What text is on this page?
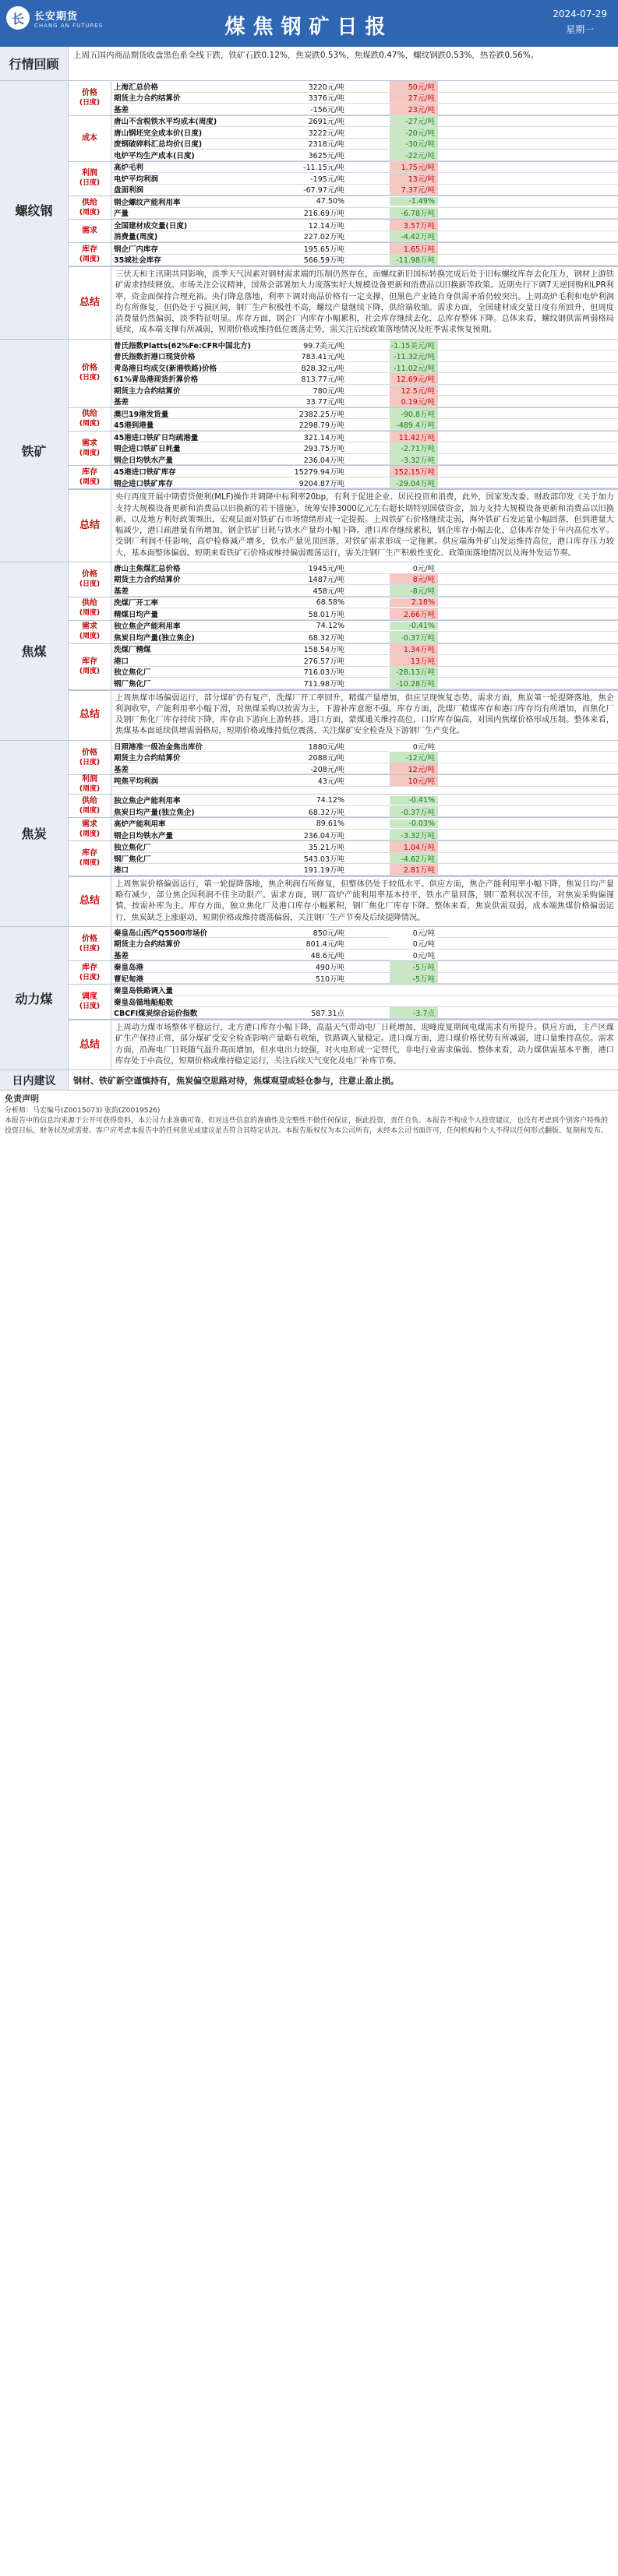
长	长安期货
CHANG AN FUTURES	煤焦钢矿日报
2024-07-29
星期一
行情回顾
上周五国内商品期货收盘黑色系全线下跌，铁矿石跌0.12%，焦炭跌0.53%，焦煤跌0.47%，螺纹钢跌0.53%，热卷跌0.56%。
螺纹钢
价格
(日度)
上海汇总价格	3220元/吨	50元/吨
期货主力合约结算价	3376元/吨	27元/吨
基差	-156元/吨	23元/吨
成本
唐山不含税铁水平均成本(周度)	2691元/吨	-27元/吨
唐山钢坯完全成本价(日度)	3222元/吨	-20元/吨
废钢破碎料汇总均价(日度)	2318元/吨	-30元/吨
电炉平均生产成本(日度)	3625元/吨	-22元/吨
利润
(日度)
高炉毛利	-11.15元/吨	1.75元/吨
电炉平均利润	-195元/吨	13元/吨
盘面利润	-67.97元/吨	7.37元/吨
供给
(周度)
钢企螺纹产能利用率	47.50%	-1.49%
产量	216.69万吨	-6.78万吨
需求
全国建材成交量(日度)	12.14万吨	3.57万吨
消费量(周度)	227.02万吨	-4.42万吨
库存
(周度)
钢企厂内库存	195.65万吨	1.65万吨
35城社会库存	566.59万吨	-11.98万吨
总结
三伏天和主汛期共同影响，淡季天气因素对钢材需求端的压制仍然存在，而螺纹新旧国标转换完成后处于旧标螺纹库存去化压力，钢材上游铁矿需求持续释放。市场关注会议精神，国常会部署加大力度落实好大规模设备更新和消费品以旧换新等政策。近期央行下调7天逆回购和LPR利率，资金面保持合理充裕。央行降息落地，利率下调对商品价格有一定支撑，但黑色产业链自身供需矛盾仍较突出。上周高炉毛利和电炉利润均有所修复，但仍处于亏损区间，钢厂生产积极性不高，螺纹产量继续下降，供给端收缩。需求方面，全国建材成交量日度有所回升，但周度消费量仍然偏弱，淡季特征明显。库存方面，钢企厂内库存小幅累积，社会库存继续去化，总库存整体下降。总体来看，螺纹钢供需两弱格局延续，成本端支撑有所减弱，短期价格或维持低位震荡走势，需关注后续政策落地情况及旺季需求恢复预期。
铁矿
价格
(日度)
普氏指数Platts(62%Fe:CFR中国北方)	99.7美元/吨	-1.15美元/吨
普氏指数折港口现货价格	783.41元/吨	-11.32元/吨
青岛港日均成交(新港铁路)价格	828.32元/吨	-11.02元/吨
61%青岛港现货折算价格	813.77元/吨	12.69元/吨
期货主力合约结算价	780元/吨	12.5元/吨
基差	33.77元/吨	0.19元/吨
供给
(周度)
澳巴19港发货量	2382.25万吨	-90.8万吨
45港到港量	2298.79万吨	-489.4万吨
需求
(周度)
45港进口铁矿日均疏港量	321.14万吨	11.42万吨
钢企进口铁矿日耗量	293.75万吨	-2.71万吨
钢企日均铁水产量	236.04万吨	-3.32万吨
库存
(周度)
45港进口铁矿库存	15279.94万吨	152.15万吨
钢企进口铁矿库存	9204.87万吨	-29.04万吨
总结
央行再度开展中期借贷便利(MLF)操作并调降中标利率20bp，有利于促进企业、居民投资和消费，此外，国家发改委、财政部印发《关于加力支持大规模设备更新和消费品以旧换新的若干措施》，统筹安排3000亿元左右超长期特别国债资金，加力支持大规模设备更新和消费品以旧换新，以及地方利好政策频出，宏观层面对铁矿石市场情绪形成一定提振。上周铁矿石价格继续走弱，海外铁矿石发运量小幅回落，但到港量大幅减少，港口疏港量有所增加，钢企铁矿日耗与铁水产量均小幅下降。港口库存继续累积，钢企库存小幅去化，总体库存处于年内高位水平。受钢厂利润不佳影响，高炉检修减产增多，铁水产量见顶回落，对铁矿需求形成一定拖累。供应端海外矿山发运维持高位，港口库存压力较大，基本面整体偏弱。短期来看铁矿石价格或维持偏弱震荡运行，需关注钢厂生产积极性变化、政策面落地情况以及海外发运节奏。
焦煤
价格
(日度)
唐山主焦煤汇总价格	1945元/吨	0元/吨
期货主力合约结算价	1487元/吨	8元/吨
基差	458元/吨	-8元/吨
供给
(周度)
洗煤厂开工率	68.58%	2.18%
精煤日均产量	58.01万吨	2.66万吨
需求
(周度)
独立焦企产能利用率	74.12%	-0.41%
焦炭日均产量(独立焦企)	68.32万吨	-0.37万吨
库存
(周度)
洗煤厂精煤	158.54万吨	1.34万吨
港口	276.57万吨	13万吨
独立焦化厂	716.03万吨	-28.13万吨
钢厂焦化厂	711.98万吨	-10.28万吨
总结
上周焦煤市场偏弱运行，部分煤矿仍有复产，洗煤厂开工率回升，精煤产量增加，供应呈现恢复态势。需求方面，焦炭第一轮提降落地，焦企利润收窄，产能利用率小幅下滑，对焦煤采购以按需为主，下游补库意愿不强。库存方面，洗煤厂精煤库存和港口库存均有所增加，而焦化厂及钢厂焦化厂库存持续下降，库存由下游向上游转移。进口方面，蒙煤通关维持高位，口岸库存偏高，对国内焦煤价格形成压制。整体来看，焦煤基本面延续供增需弱格局，短期价格或维持低位震荡，关注煤矿安全检查及下游钢厂生产变化。
焦炭
价格
(日度)
日照港准一级冶金焦出库价	1880元/吨	0元/吨
期货主力合约结算价	2088元/吨	-12元/吨
基差	-208元/吨	12元/吨
利润
(周度)
吨焦平均利润	43元/吨	10元/吨
供给
(周度)
独立焦企产能利用率	74.12%	-0.41%
焦炭日均产量(独立焦企)	68.32万吨	-0.37万吨
需求
(周度)
高炉产能利用率	89.61%	-0.03%
钢企日均铁水产量	236.04万吨	-3.32万吨
库存
(周度)
独立焦化厂	35.21万吨	1.04万吨
钢厂焦化厂	543.03万吨	-4.62万吨
港口	191.19万吨	2.81万吨
总结
上周焦炭价格偏弱运行，第一轮提降落地，焦企利润有所修复，但整体仍处于较低水平。供应方面，焦企产能利用率小幅下降，焦炭日均产量略有减少，部分焦企因利润不佳主动限产。需求方面，钢厂高炉产能利用率基本持平，铁水产量回落，钢厂盈利状况不佳，对焦炭采购偏谨慎，按需补库为主。库存方面，独立焦化厂及港口库存小幅累积，钢厂焦化厂库存下降。整体来看，焦炭供需双弱，成本端焦煤价格偏弱运行，焦炭缺乏上涨驱动，短期价格或维持震荡偏弱，关注钢厂生产节奏及后续提降情况。
动力煤
价格
(日度)
秦皇岛山西产Q5500市场价	850元/吨	0元/吨
期货主力合约结算价	801.4元/吨	0元/吨
基差	48.6元/吨	0元/吨
库存
(日度)
秦皇岛港	490万吨	-5万吨
曹妃甸港	510万吨	-5万吨
调度
(日度)
秦皇岛铁路调入量
秦皇岛锚地船舶数
CBCFI煤炭综合运价指数	587.31点	-3.7点
总结
上周动力煤市场整体平稳运行，北方港口库存小幅下降，高温天气带动电厂日耗增加，迎峰度夏期间电煤需求有所提升。供应方面，主产区煤矿生产保持正常，部分煤矿受安全检查影响产量略有收缩，铁路调入量稳定。进口煤方面，进口煤价格优势有所减弱，进口量维持高位。需求方面，沿海电厂日耗随气温升高而增加，但水电出力较强，对火电形成一定替代，非电行业需求偏弱。整体来看，动力煤供需基本平衡，港口库存处于中高位，短期价格或维持稳定运行，关注后续天气变化及电厂补库节奏。
日内建议	钢材、铁矿新空谨慎持有，焦炭偏空思路对待，焦煤观望或轻仓参与，注意止盈止损。
免责声明
分析师：马宏编号(Z0015073) 张韵(Z0019526)
本报告中的信息均来源于公开可获得资料，本公司力求准确可靠，但对这些信息的准确性及完整性不做任何保证，据此投资，责任自负。本报告不构成个人投资建议，也没有考虑到个别客户特殊的投资目标、财务状况或需要。客户应考虑本报告中的任何意见或建议是否符合其特定状况。本报告版权仅为本公司所有，未经本公司书面许可，任何机构和个人不得以任何形式翻版、复制和发布。
